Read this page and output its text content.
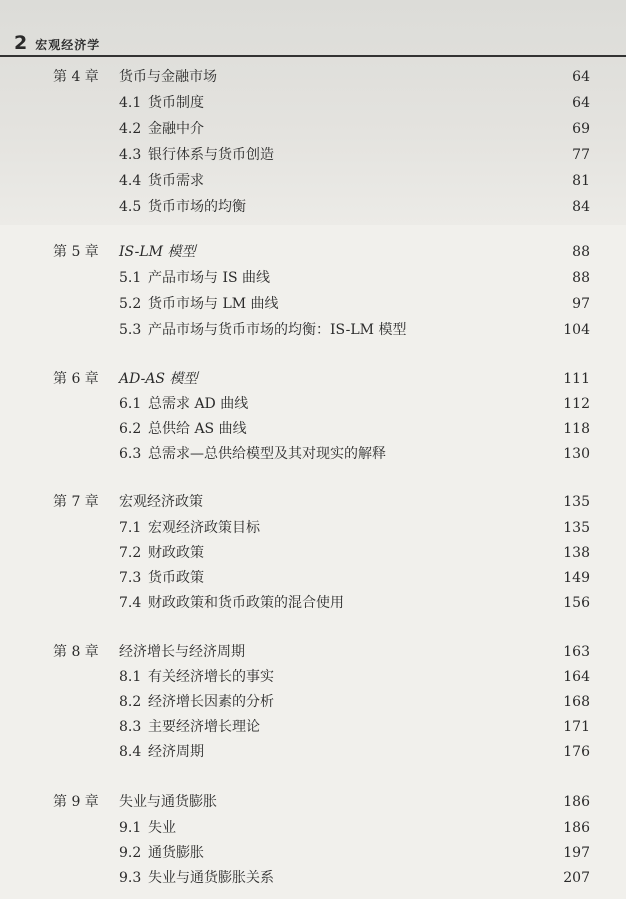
2 宏观经济学
第 4 章 货币与金融市场	64
4.1 货币制度	64
4.2 金融中介	69
4.3 银行体系与货币创造	77
4.4 货币需求	81
4.5 货币市场的均衡	84
第 5 章 IS-LM 模型	88
5.1 产品市场与 IS 曲线	88
5.2 货币市场与 LM 曲线	97
5.3 产品市场与货币市场的均衡：IS-LM 模型	104
第 6 章 AD-AS 模型	111
6.1 总需求 AD 曲线	112
6.2 总供给 AS 曲线	118
6.3 总需求—总供给模型及其对现实的解释	130
第 7 章 宏观经济政策	135
7.1 宏观经济政策目标	135
7.2 财政政策	138
7.3 货币政策	149
7.4 财政政策和货币政策的混合使用	156
第 8 章 经济增长与经济周期	163
8.1 有关经济增长的事实	164
8.2 经济增长因素的分析	168
8.3 主要经济增长理论	171
8.4 经济周期	176
第 9 章 失业与通货膨胀	186
9.1 失业	186
9.2 通货膨胀	197
9.3 失业与通货膨胀关系	207
